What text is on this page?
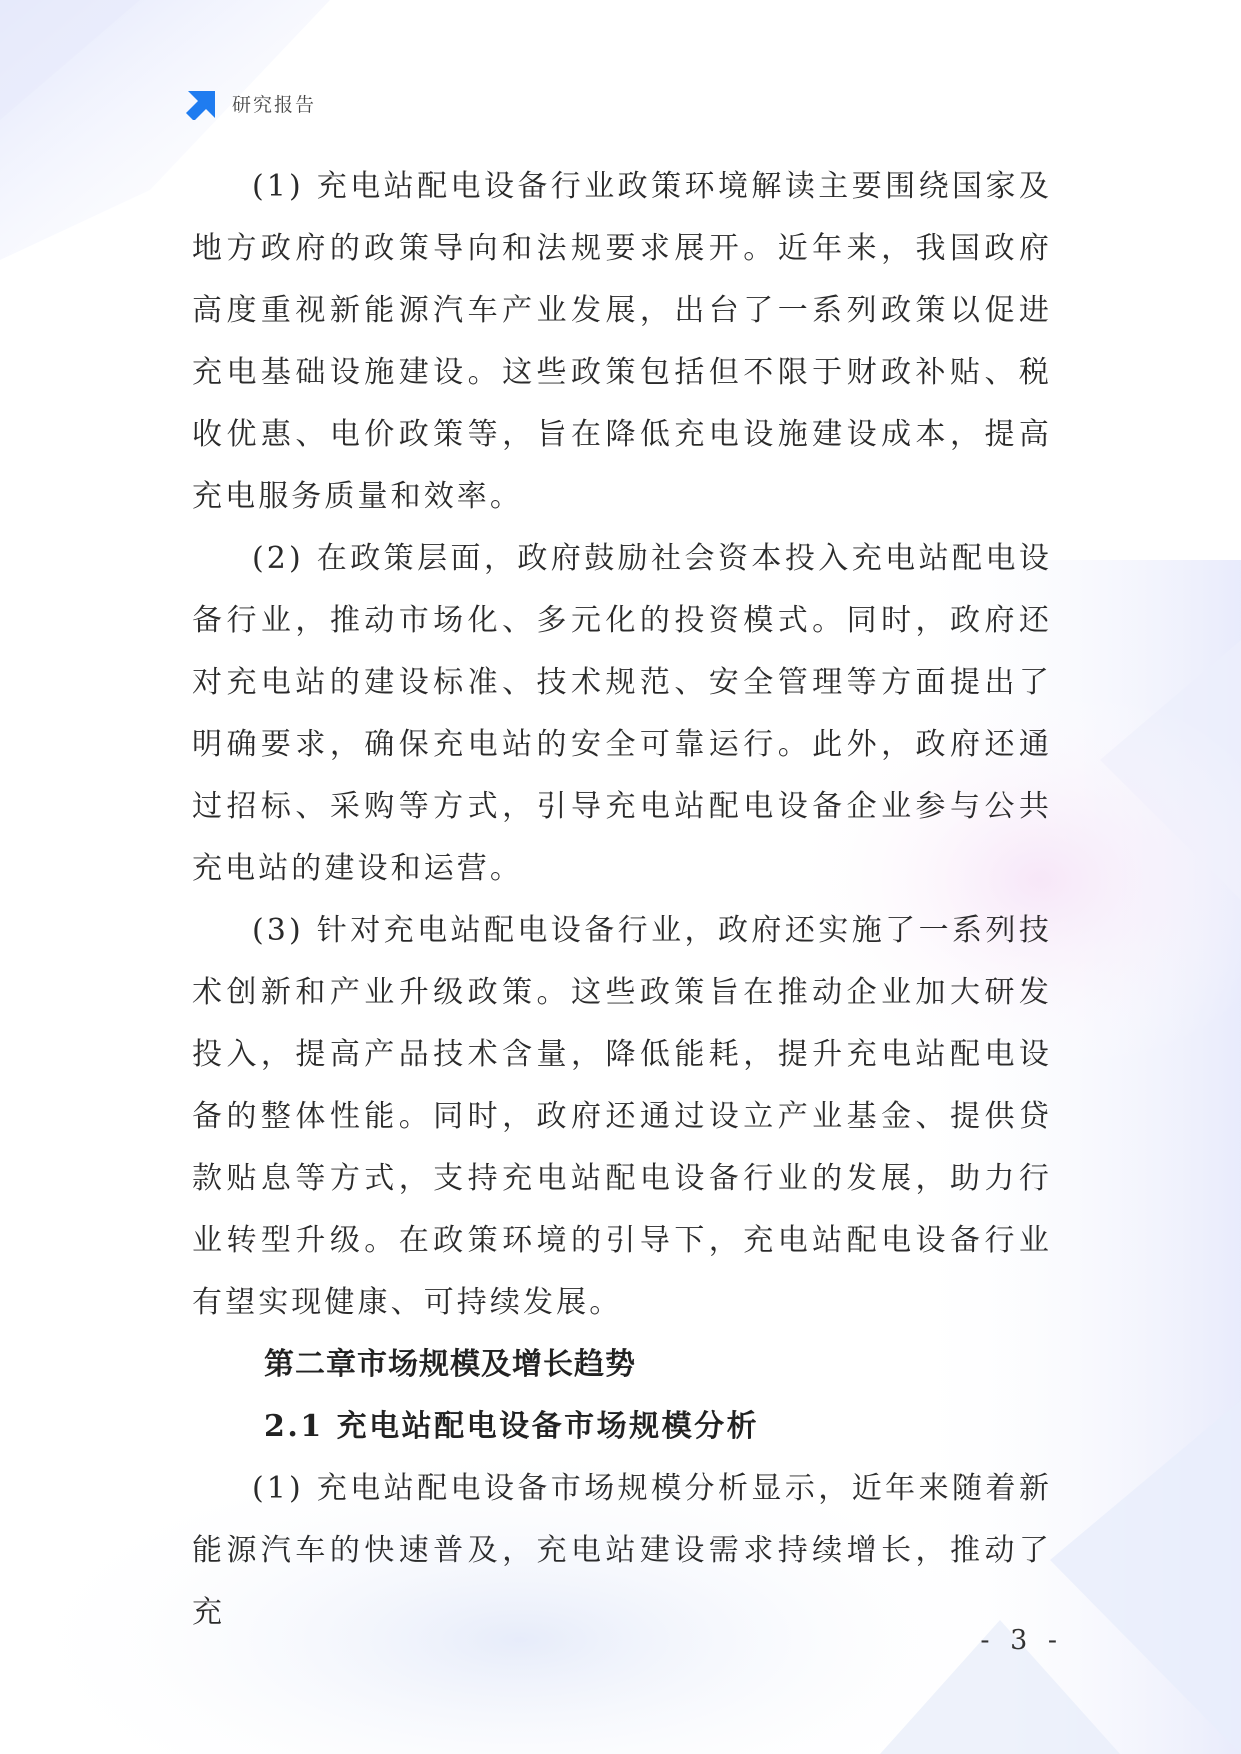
研究报告

(1) 充电站配电设备行业政策环境解读主要围绕国家及地方政府的政策导向和法规要求展开。近年来，我国政府高度重视新能源汽车产业发展，出台了一系列政策以促进充电基础设施建设。这些政策包括但不限于财政补贴、税收优惠、电价政策等，旨在降低充电设施建设成本，提高充电服务质量和效率。

(2) 在政策层面，政府鼓励社会资本投入充电站配电设备行业，推动市场化、多元化的投资模式。同时，政府还对充电站的建设标准、技术规范、安全管理等方面提出了明确要求，确保充电站的安全可靠运行。此外，政府还通过招标、采购等方式，引导充电站配电设备企业参与公共充电站的建设和运营。

(3) 针对充电站配电设备行业，政府还实施了一系列技术创新和产业升级政策。这些政策旨在推动企业加大研发投入，提高产品技术含量，降低能耗，提升充电站配电设备的整体性能。同时，政府还通过设立产业基金、提供贷款贴息等方式，支持充电站配电设备行业的发展，助力行业转型升级。在政策环境的引导下，充电站配电设备行业有望实现健康、可持续发展。

第二章市场规模及增长趋势
2.1 充电站配电设备市场规模分析

(1) 充电站配电设备市场规模分析显示，近年来随着新能源汽车的快速普及，充电站建设需求持续增长，推动了充

- 3 -
